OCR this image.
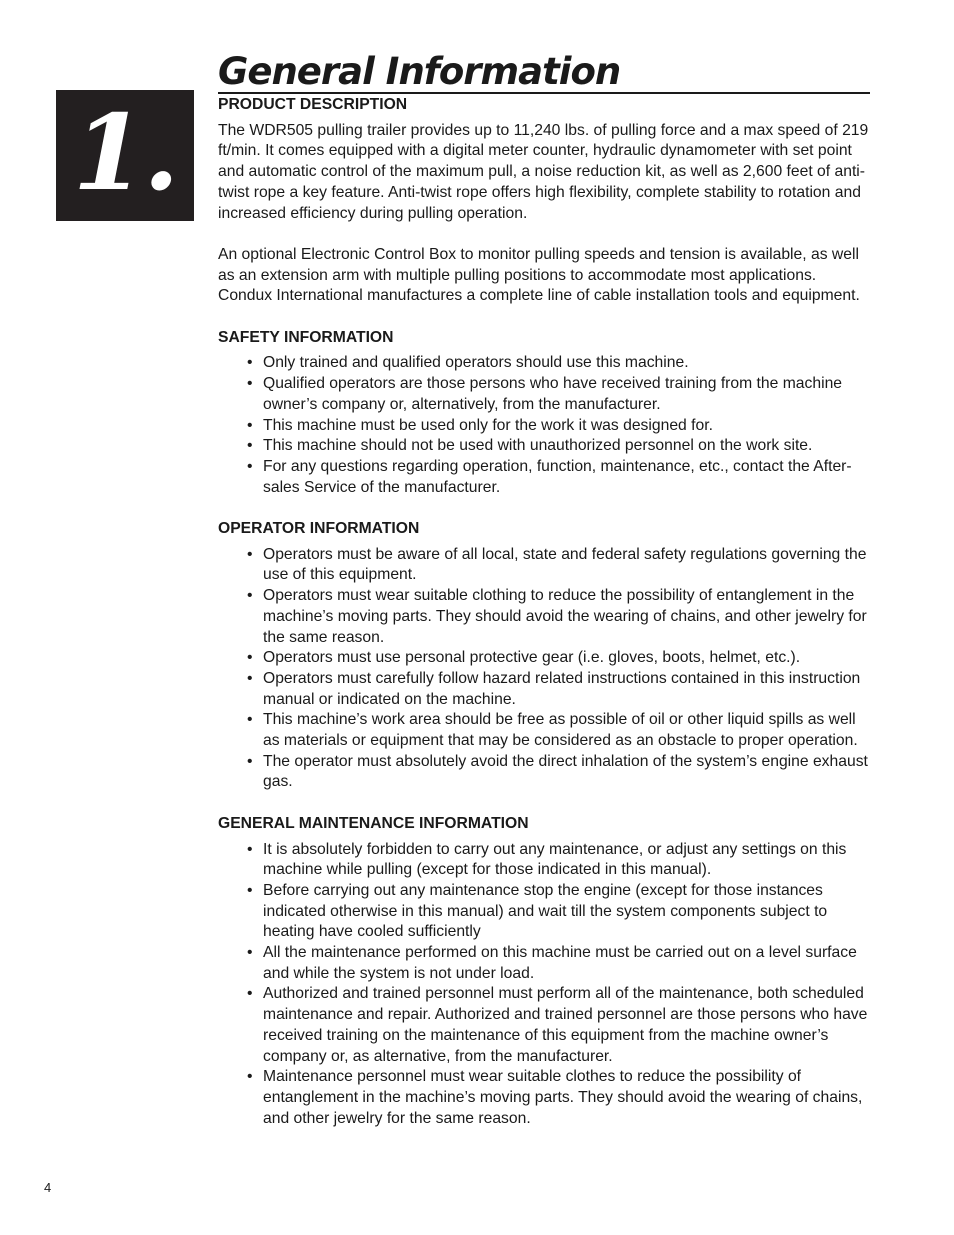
General Information
1.	PRODUCT DESCRIPTION

The WDR505 pulling trailer provides up to 11,240 lbs. of pulling force and a max speed of 219 ft/min. It comes equipped with a digital meter counter, hydraulic dynamometer with set point and automatic control of the maximum pull, a noise reduction kit, as well as 2,600 feet of anti-twist rope a key feature. Anti-twist rope offers high flexibility, complete stability to rotation and increased efficiency during pulling operation.

An optional Electronic Control Box to monitor pulling speeds and tension is available, as well as an extension arm with multiple pulling positions to accommodate most applications. Condux International manufactures a complete line of cable installation tools and equipment.

SAFETY INFORMATION
• Only trained and qualified operators should use this machine.
• Qualified operators are those persons who have received training from the machine owner’s company or, alternatively, from the manufacturer.
• This machine must be used only for the work it was designed for.
• This machine should not be used with unauthorized personnel on the work site.
• For any questions regarding operation, function, maintenance, etc., contact the After-sales Service of the manufacturer.
OPERATOR INFORMATION
• Operators must be aware of all local, state and federal safety regulations governing the use of this equipment.
• Operators must wear suitable clothing to reduce the possibility of entanglement in the machine’s moving parts. They should avoid the wearing of chains, and other jewelry for the same reason.
• Operators must use personal protective gear (i.e. gloves, boots, helmet, etc.).
• Operators must carefully follow hazard related instructions contained in this instruction manual or indicated on the machine.
• This machine’s work area should be free as possible of oil or other liquid spills as well as materials or equipment that may be considered as an obstacle to proper operation.
• The operator must absolutely avoid the direct inhalation of the system’s engine exhaust gas.
GENERAL MAINTENANCE INFORMATION
• It is absolutely forbidden to carry out any maintenance, or adjust any settings on this machine while pulling (except for those indicated in this manual).
• Before carrying out any maintenance stop the engine (except for those instances indicated otherwise in this manual) and wait till the system components subject to heating have cooled sufficiently
• All the maintenance performed on this machine must be carried out on a level surface and while the system is not under load.
• Authorized and trained personnel must perform all of the maintenance, both scheduled maintenance and repair. Authorized and trained personnel are those persons who have received training on the maintenance of this equipment from the machine owner’s company or, as alternative, from the manufacturer.
• Maintenance personnel must wear suitable clothes to reduce the possibility of entanglement in the machine’s moving parts. They should avoid the wearing of chains, and other jewelry for the same reason.
4
